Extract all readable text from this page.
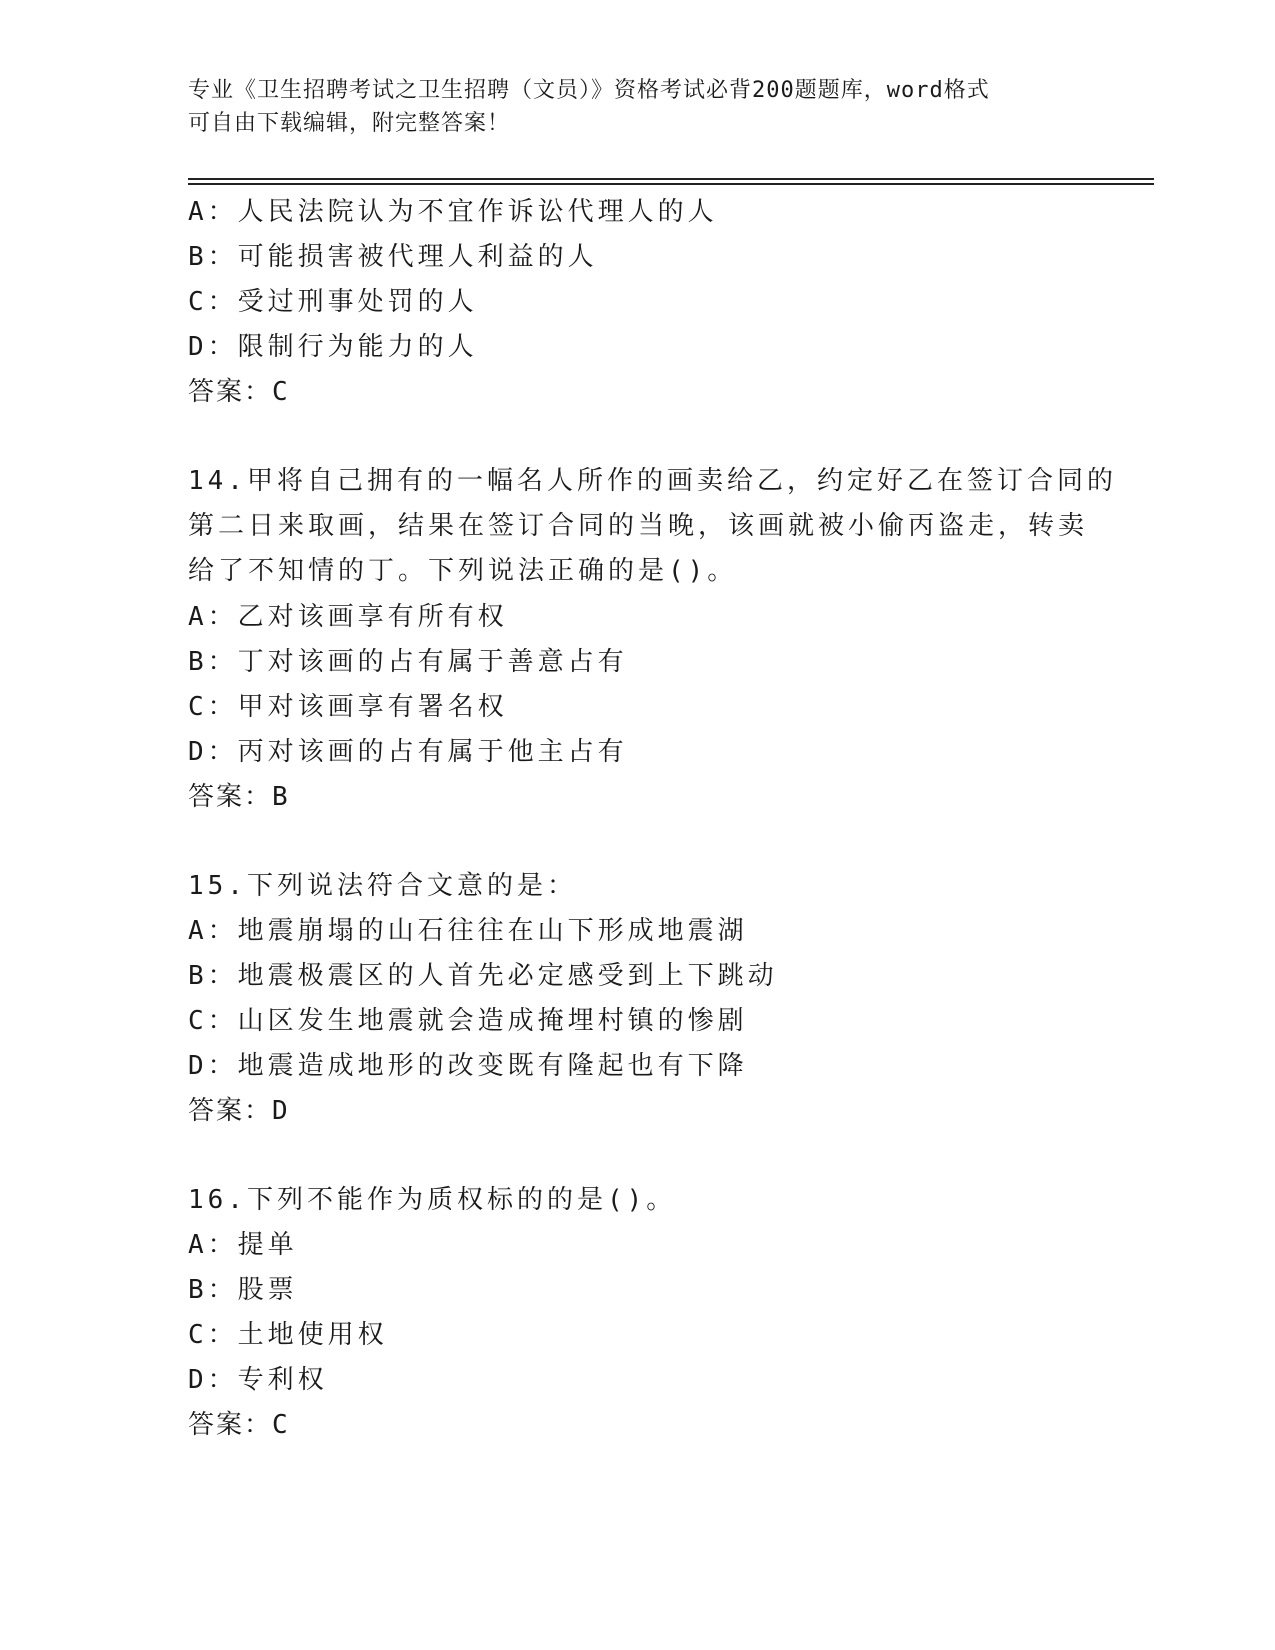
专业《卫生招聘考试之卫生招聘（文员）》资格考试必背200题题库，word格式
可自由下载编辑，附完整答案！
A：人民法院认为不宜作诉讼代理人的人
B：可能损害被代理人利益的人
C：受过刑事处罚的人
D：限制行为能力的人
答案：C
14.甲将自己拥有的一幅名人所作的画卖给乙，约定好乙在签订合同的
第二日来取画，结果在签订合同的当晚，该画就被小偷丙盗走，转卖
给了不知情的丁。下列说法正确的是()。
A：乙对该画享有所有权
B：丁对该画的占有属于善意占有
C：甲对该画享有署名权
D：丙对该画的占有属于他主占有
答案：B
15.下列说法符合文意的是：
A：地震崩塌的山石往往在山下形成地震湖
B：地震极震区的人首先必定感受到上下跳动
C：山区发生地震就会造成掩埋村镇的惨剧
D：地震造成地形的改变既有隆起也有下降
答案：D
16.下列不能作为质权标的的是()。
A：提单
B：股票
C：土地使用权
D：专利权
答案：C
